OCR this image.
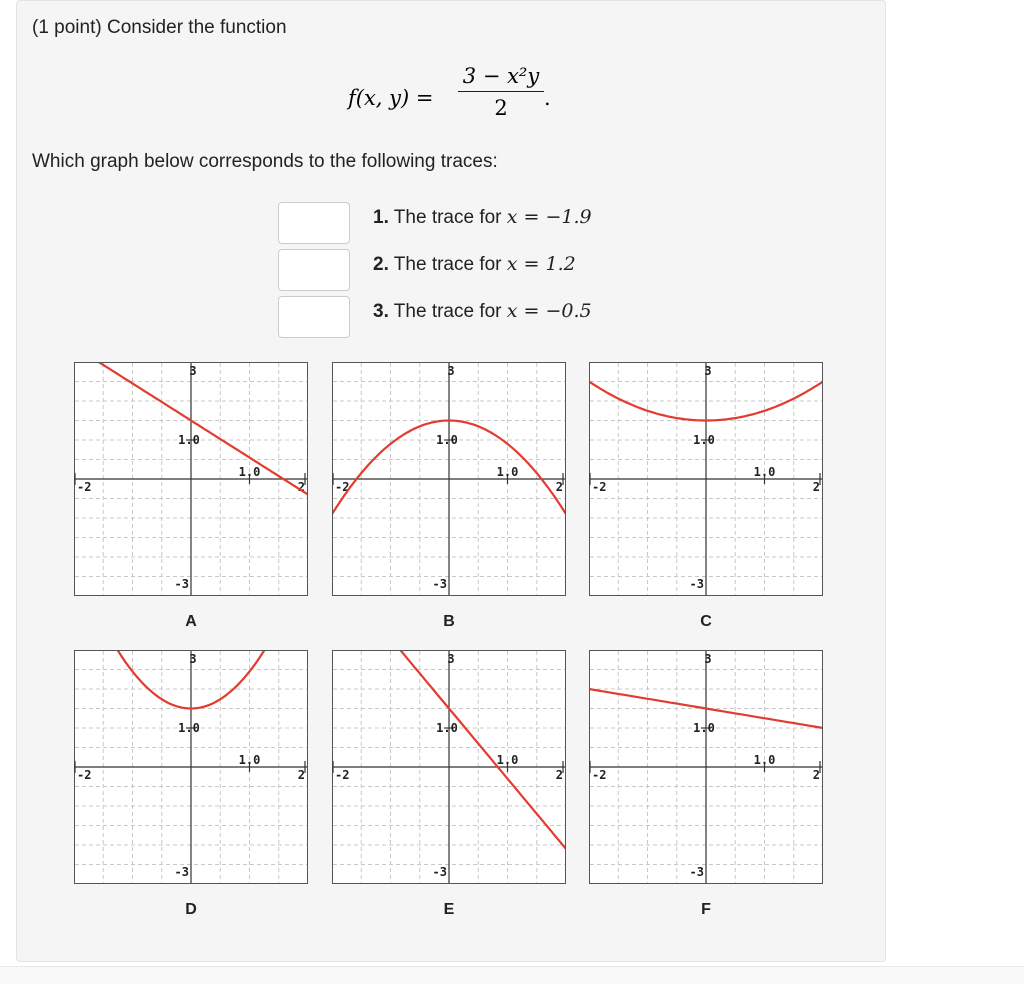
(1 point) Consider the function
f(x, $y) = \frac{\text{3 − x²y}}{2}$ .
Which graph below corresponds to the following traces:
1. The trace for x = −1.9
2. The trace for x = 1.2
3. The trace for x = −0.5
-2	2
3
-3
1.0
1.0
-2	2
3
-3
1.0
1.0
-2	2
3
-3
1.0
1.0
-2	2
3
-3
1.0
1.0
-2	2
3
-3
1.0
1.0
-2	2
3
-3
1.0
1.0
A	B	C
D	E	F
